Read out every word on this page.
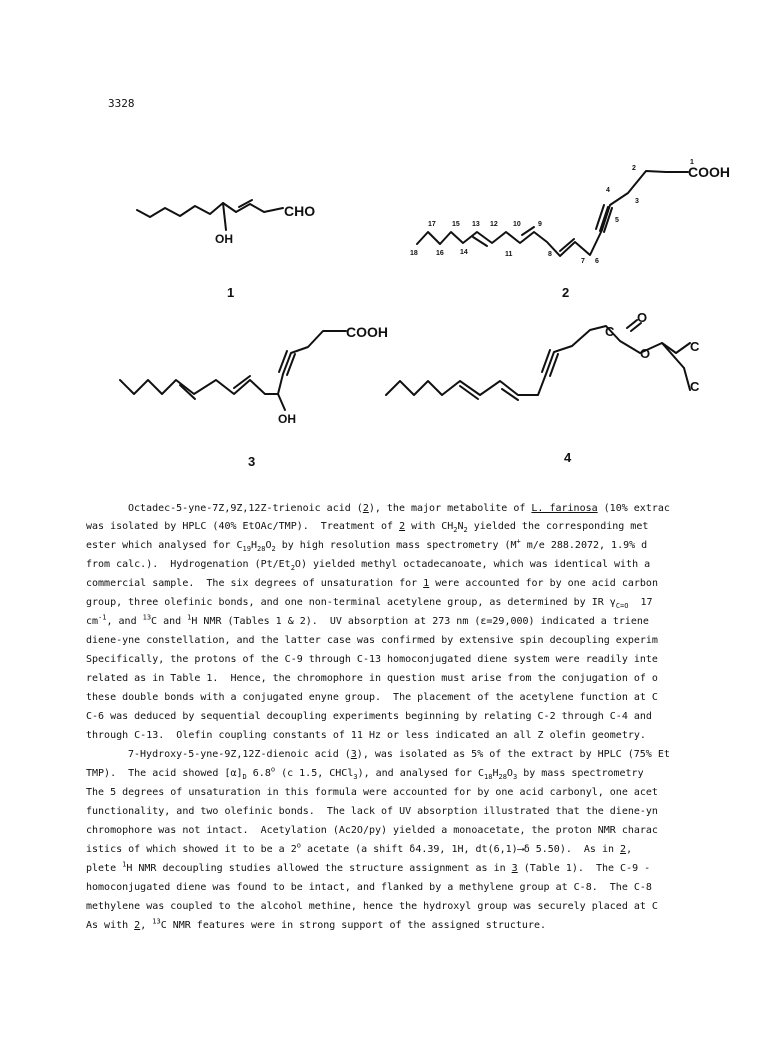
3328
CHO
OH
1
COOH
1
2
3
4
5
6
7
8
9
10
11
12
13
14
15
16
17
18
2
COOH
OH
3
O
C
O	C
C
4
Octadec-5-yne-7Z,9Z,12Z-trienoic acid (2), the major metabolite of L. farinosa (10% extrac
was isolated by HPLC (40% EtOAc/TMP).  Treatment of 2 with $CH_2N_2$ yielded the corresponding met
ester which analysed for $C_{19}H_{28}O_2$ by high resolution mass spectrometry (M+ m/e 288.2072, 1.9% d
from calc.).  Hydrogenation $(Pt/Et_2O)$ yielded methyl octadecanoate, which was identical with a
commercial sample.  The six degrees of unsaturation for 1 were accounted for by one acid carbon
group, three olefinic bonds, and one non-terminal acetylene group, as determined by IR $\gamma_{C=O}$  17
$cm^{-1}$, and $^{13}$C and $^1$H NMR (Tables 1 & 2).  UV absorption at 273 nm (ε=29,000) indicated a triene
diene-yne constellation, and the latter case was confirmed by extensive spin decoupling experim
Specifically, the protons of the C-9 through C-13 homoconjugated diene system were readily inte
related as in Table 1.  Hence, the chromophore in question must arise from the conjugation of o
these double bonds with a conjugated enyne group.  The placement of the acetylene function at C
C-6 was deduced by sequential decoupling experiments beginning by relating C-2 through C-4 and
through C-13.  Olefin coupling constants of 11 Hz or less indicated an all Z olefin geometry.
7-Hydroxy-5-yne-9Z,12Z-dienoic acid (3), was isolated as 5% of the extract by HPLC (75% Et
TMP).  The acid showed $[\alpha]_D$ 6.8$^o$ (c 1.5, CHCl$_3$), and analysed for $C_{18}H_{28}O_3$ by mass spectrometry
The 5 degrees of unsaturation in this formula were accounted for by one acid carbonyl, one acet
functionality, and two olefinic bonds.  The lack of UV absorption illustrated that the diene-yn
chromophore was not intact.  Acetylation (Ac2O/py) yielded a monoacetate, the proton NMR charac
istics of which showed it to be a 2$^o$ acetate (a shift δ4.39, 1H, dt(6,1)⟶δ 5.50).  As in 2,
plete $^1$H NMR decoupling studies allowed the structure assignment as in 3 (Table 1).  The C-9 -
homoconjugated diene was found to be intact, and flanked by a methylene group at C-8.  The C-8
methylene was coupled to the alcohol methine, hence the hydroxyl group was securely placed at C
As with 2, $^{13}$C NMR features were in strong support of the assigned structure.
